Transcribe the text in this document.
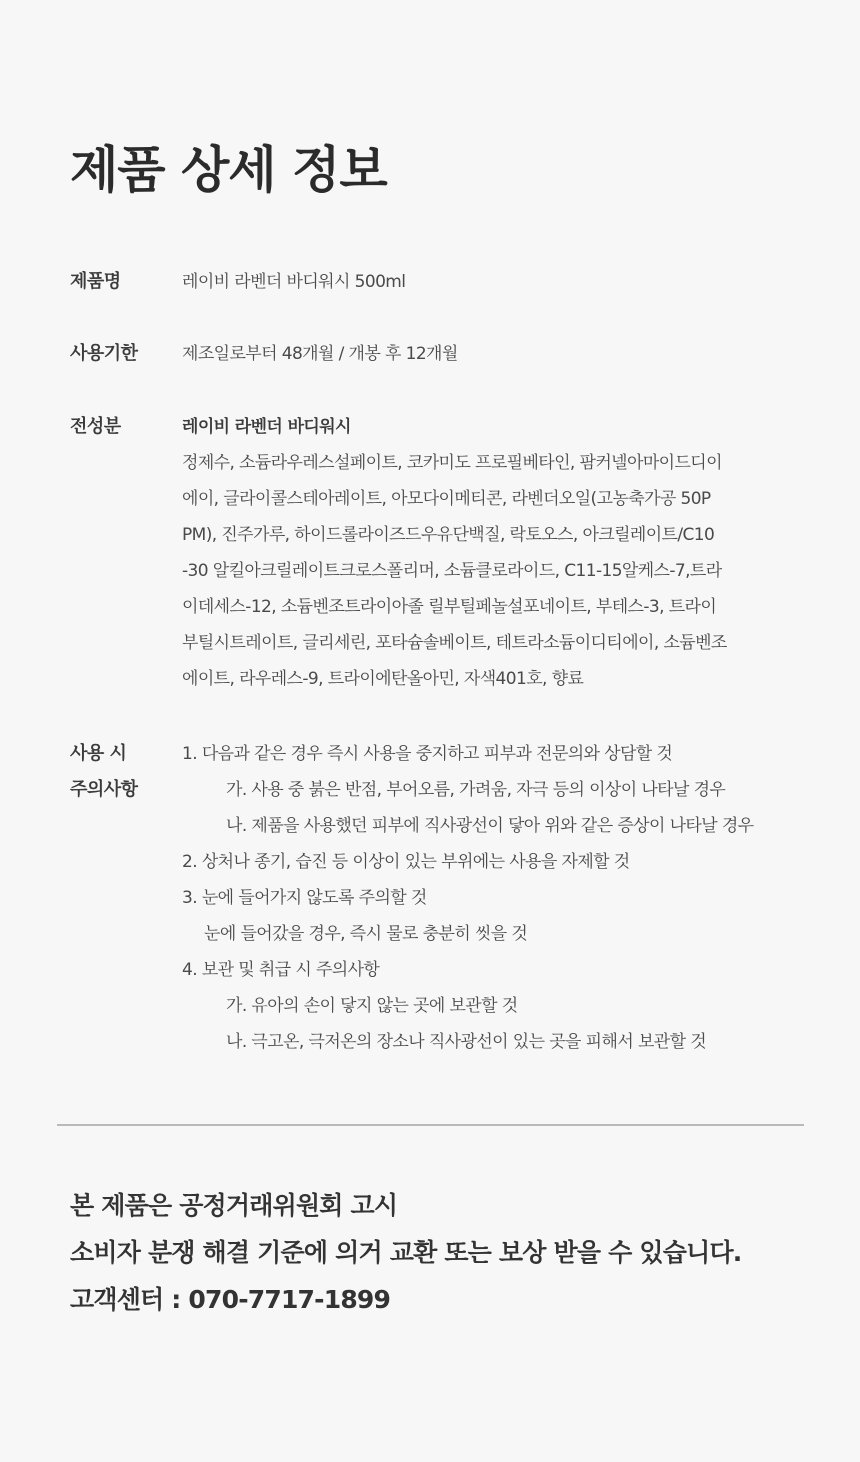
제품 상세 정보
제품명	레이비 라벤더 바디워시 500ml
사용기한	제조일로부터 48개월 / 개봉 후 12개월
전성분	레이비 라벤더 바디워시
정제수, 소듐라우레스설페이트, 코카미도 프로필베타인, 팜커넬아마이드디이
에이, 글라이콜스테아레이트, 아모다이메티콘, 라벤더오일(고농축가공 50P
PM), 진주가루, 하이드롤라이즈드우유단백질, 락토오스, 아크릴레이트/C10
-30 알킬아크릴레이트크로스폴리머, 소듐클로라이드, C11-15알케스-7,트라
이데세스-12, 소듐벤조트라이아졸 릴부틸페놀설포네이트, 부테스-3, 트라이
부틸시트레이트, 글리세린, 포타슘솔베이트, 테트라소듐이디티에이, 소듐벤조
에이트, 라우레스-9, 트라이에탄올아민, 자색401호, 향료
사용 시
주의사항
1. 다음과 같은 경우 즉시 사용을 중지하고 피부과 전문의와 상담할 것
가. 사용 중 붉은 반점, 부어오름, 가려움, 자극 등의 이상이 나타날 경우
나. 제품을 사용했던 피부에 직사광선이 닿아 위와 같은 증상이 나타날 경우
2. 상처나 종기, 습진 등 이상이 있는 부위에는 사용을 자제할 것
3. 눈에 들어가지 않도록 주의할 것
눈에 들어갔을 경우, 즉시 물로 충분히 씻을 것
4. 보관 및 취급 시 주의사항
가. 유아의 손이 닿지 않는 곳에 보관할 것
나. 극고온, 극저온의 장소나 직사광선이 있는 곳을 피해서 보관할 것
본 제품은 공정거래위원회 고시
소비자 분쟁 해결 기준에 의거 교환 또는 보상 받을 수 있습니다.
고객센터 : 070-7717-1899
